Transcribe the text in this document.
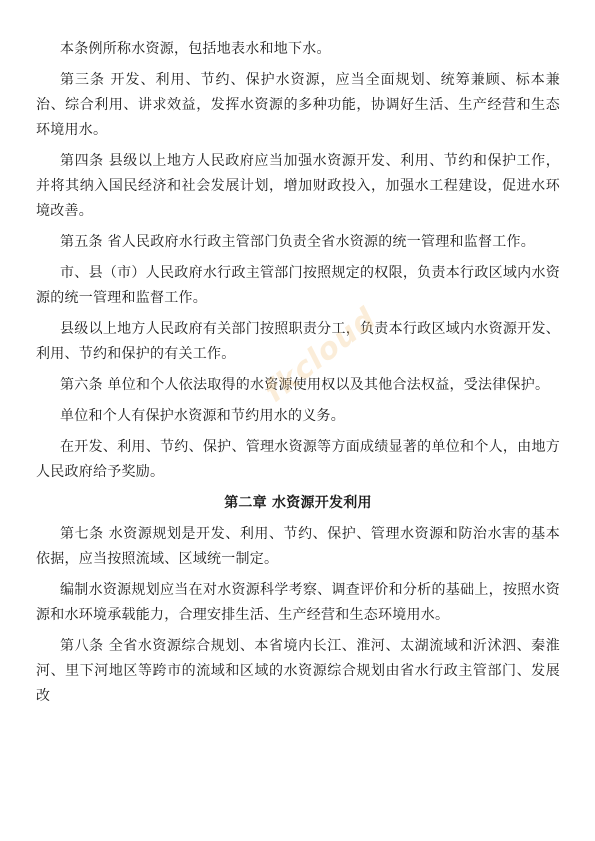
本条例所称水资源，包括地表水和地下水。

第三条 开发、利用、节约、保护水资源，应当全面规划、统筹兼顾、标本兼治、综合利用、讲求效益，发挥水资源的多种功能，协调好生活、生产经营和生态环境用水。

第四条 县级以上地方人民政府应当加强水资源开发、利用、节约和保护工作，并将其纳入国民经济和社会发展计划，增加财政投入，加强水工程建设，促进水环境改善。

第五条 省人民政府水行政主管部门负责全省水资源的统一管理和监督工作。

市、县（市）人民政府水行政主管部门按照规定的权限，负责本行政区域内水资源的统一管理和监督工作。

县级以上地方人民政府有关部门按照职责分工，负责本行政区域内水资源开发、利用、节约和保护的有关工作。

第六条 单位和个人依法取得的水资源使用权以及其他合法权益，受法律保护。

单位和个人有保护水资源和节约用水的义务。

在开发、利用、节约、保护、管理水资源等方面成绩显著的单位和个人，由地方人民政府给予奖励。

第二章 水资源开发利用

第七条 水资源规划是开发、利用、节约、保护、管理水资源和防治水害的基本依据，应当按照流域、区域统一制定。

编制水资源规划应当在对水资源科学考察、调查评价和分析的基础上，按照水资源和水环境承载能力，合理安排生活、生产经营和生态环境用水。

第八条 全省水资源综合规划、本省境内长江、淮河、太湖流域和沂沭泗、秦淮河、里下河地区等跨市的流域和区域的水资源综合规划由省水行政主管部门、发展改

fkcloud
